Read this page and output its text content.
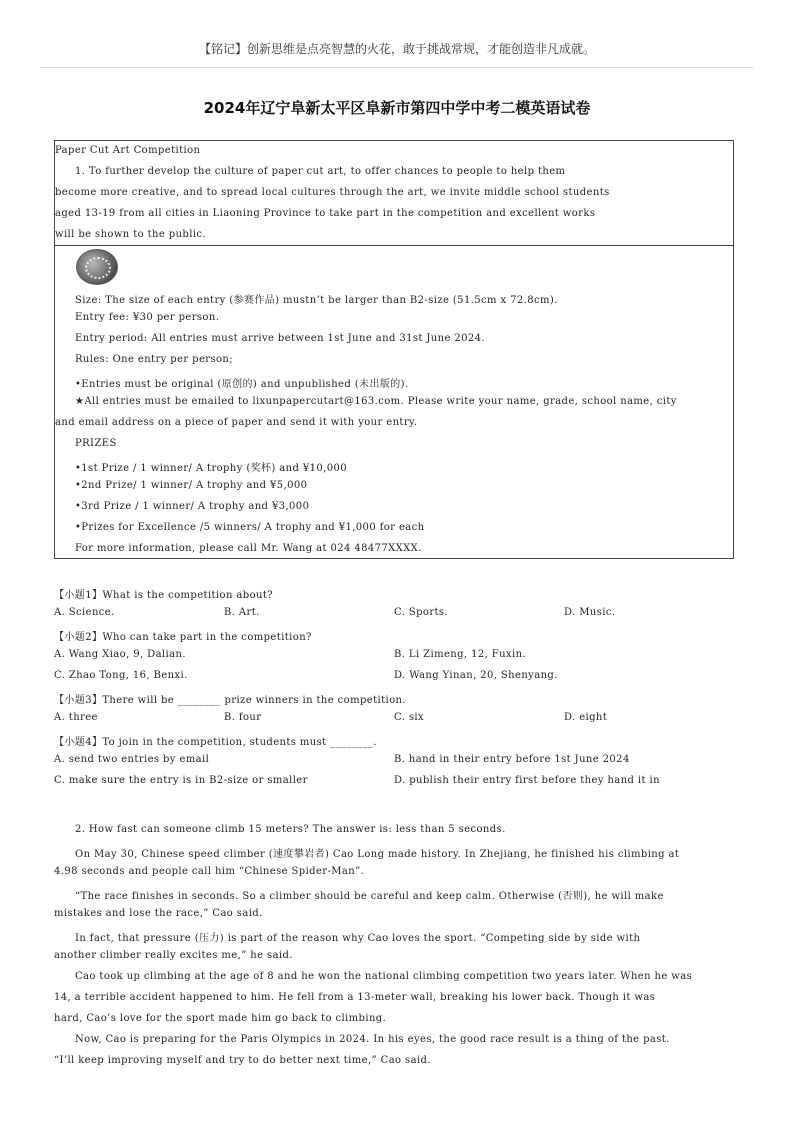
【铭记】创新思维是点亮智慧的火花，敢于挑战常规，才能创造非凡成就。
2024年辽宁阜新太平区阜新市第四中学中考二模英语试卷
Paper Cut Art Competition
1. To further develop the culture of paper cut art, to offer chances to people to help them
become more creative, and to spread local cultures through the art, we invite middle school students
aged 13-19 from all cities in Liaoning Province to take part in the competition and excellent works
will be shown to the public.
Size: The size of each entry (参赛作品) mustn’t be larger than B2-size (51.5cm x 72.8cm).
Entry fee: ¥30 per person.
Entry period: All entries must arrive between 1st June and 31st June 2024.
Rules: One entry per person;
•Entries must be original (原创的) and unpublished (未出版的).
★All entries must be emailed to lixunpapercutart@163.com. Please write your name, grade, school name, city
and email address on a piece of paper and send it with your entry.
PRIZES
•1st Prize / 1 winner/ A trophy (奖杯) and ¥10,000
•2nd Prize/ 1 winner/ A trophy and ¥5,000
•3rd Prize / 1 winner/ A trophy and ¥3,000
•Prizes for Excellence /5 winners/ A trophy and ¥1,000 for each
For more information, please call Mr. Wang at 024 48477XXXX.
【小题1】What is the competition about?
A. Science.	B. Art.	C. Sports.	D. Music.
【小题2】Who can take part in the competition?
A. Wang Xiao, 9, Dalian.	B. Li Zimeng, 12, Fuxin.
C. Zhao Tong, 16, Benxi.	D. Wang Yinan, 20, Shenyang.
【小题3】There will be ________ prize winners in the competition.
A. three	B. four	C. six	D. eight
【小题4】To join in the competition, students must ________.
A. send two entries by email	B. hand in their entry before 1st June 2024
C. make sure the entry is in B2-size or smaller	D. publish their entry first before they hand it in
2. How fast can someone climb 15 meters? The answer is: less than 5 seconds.
On May 30, Chinese speed climber (速度攀岩者) Cao Long made history. In Zhejiang, he finished his climbing at
4.98 seconds and people call him “Chinese Spider-Man”.
“The race finishes in seconds. So a climber should be careful and keep calm. Otherwise (否则), he will make
mistakes and lose the race,” Cao said.
In fact, that pressure (压力) is part of the reason why Cao loves the sport. “Competing side by side with
another climber really excites me,” he said.
Cao took up climbing at the age of 8 and he won the national climbing competition two years later. When he was
14, a terrible accident happened to him. He fell from a 13-meter wall, breaking his lower back. Though it was
hard, Cao’s love for the sport made him go back to climbing.
Now, Cao is preparing for the Paris Olympics in 2024. In his eyes, the good race result is a thing of the past.
“I’ll keep improving myself and try to do better next time,” Cao said.
